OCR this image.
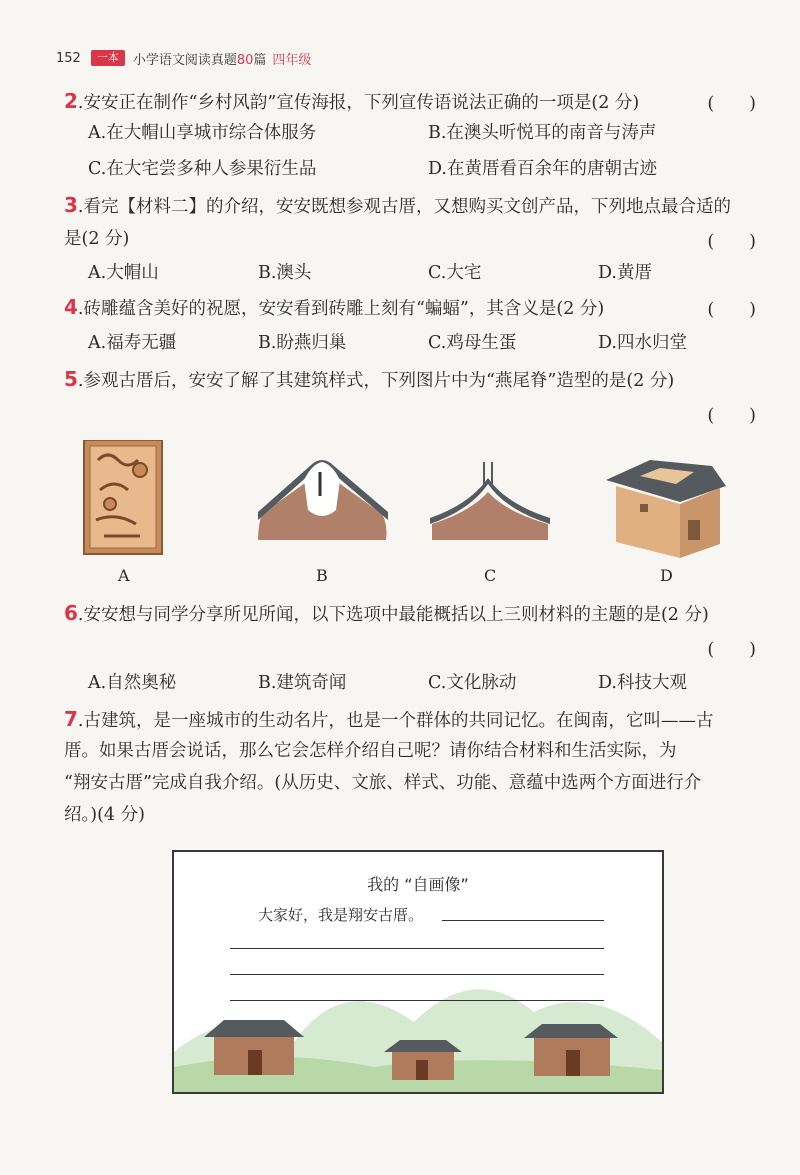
152	一本	小学语文阅读真题80篇 四年级
2.安安正在制作“乡村风韵”宣传海报，下列宣传语说法正确的一项是(2 分)	(　　)
A.在大帽山享城市综合体服务	B.在澳头听悦耳的南音与涛声
C.在大宅尝多种人参果衍生品	D.在黄厝看百余年的唐朝古迹
3.看完【材料二】的介绍，安安既想参观古厝，又想购买文创产品，下列地点最合适的
是(2 分)	(　　)
A.大帽山	B.澳头	C.大宅	D.黄厝
4.砖雕蕴含美好的祝愿，安安看到砖雕上刻有“蝙蝠”，其含义是(2 分)	(　　)
A.福寿无疆	B.盼燕归巢	C.鸡母生蛋	D.四水归堂
5.参观古厝后，安安了解了其建筑样式，下列图片中为“燕尾脊”造型的是(2 分)
(　　)
A	B	C	D
6.安安想与同学分享所见所闻，以下选项中最能概括以上三则材料的主题的是(2 分)
(　　)
A.自然奥秘	B.建筑奇闻	C.文化脉动	D.科技大观
7.古建筑，是一座城市的生动名片，也是一个群体的共同记忆。在闽南，它叫——古
厝。如果古厝会说话，那么它会怎样介绍自己呢？请你结合材料和生活实际，为
“翔安古厝”完成自我介绍。(从历史、文旅、样式、功能、意蕴中选两个方面进行介
绍。)(4 分)
我的 “自画像”
大家好，我是翔安古厝。
